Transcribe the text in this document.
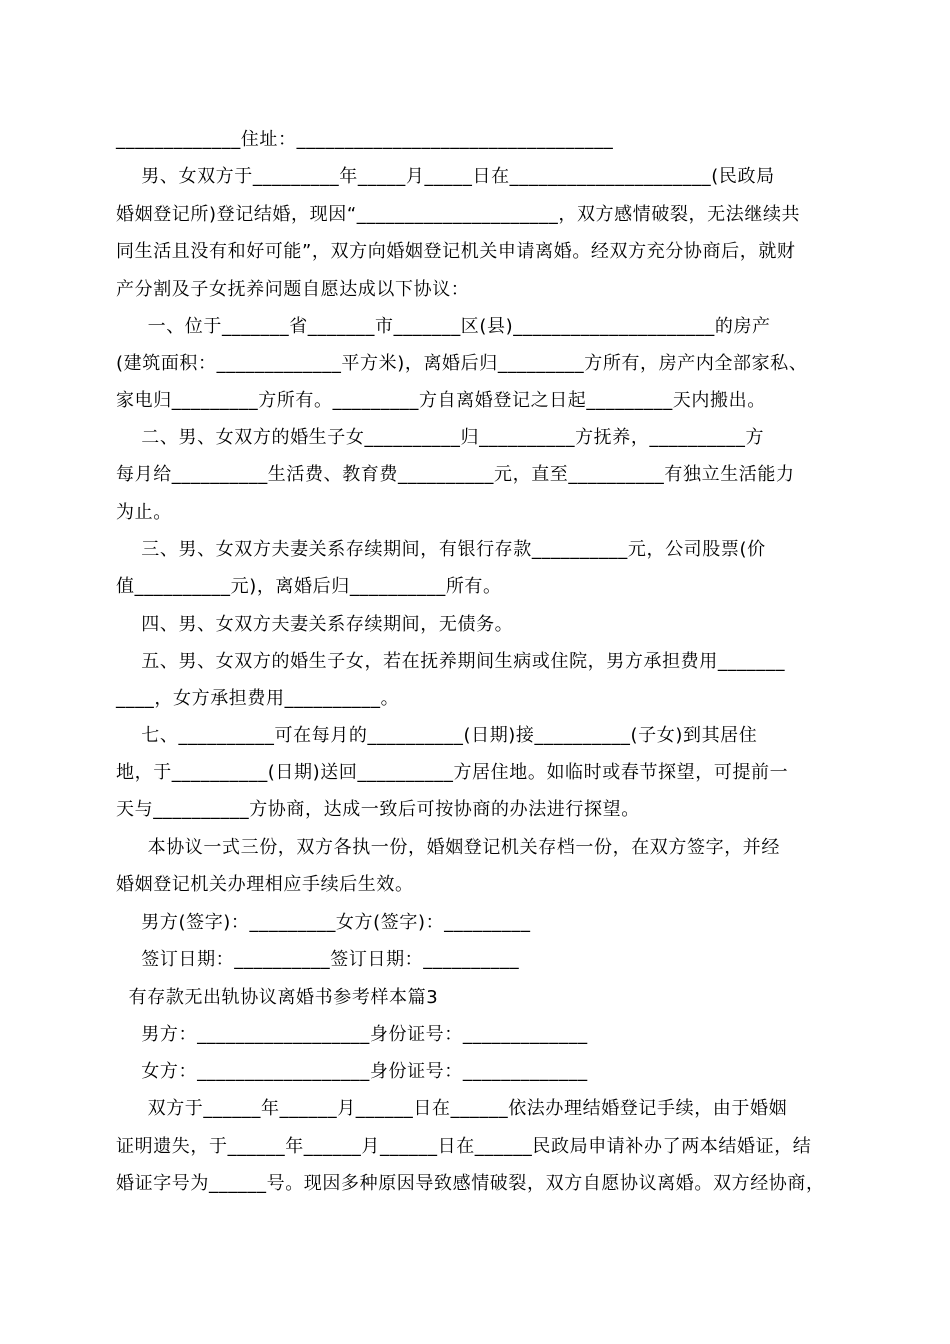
_____________住址：_________________________________
男、女双方于_________年_____月_____日在_____________________(民政局
婚姻登记所)登记结婚，现因“_____________________，双方感情破裂，无法继续共
同生活且没有和好可能”，双方向婚姻登记机关申请离婚。经双方充分协商后，就财
产分割及子女抚养问题自愿达成以下协议：
一、位于_______省_______市_______区(县)_____________________的房产
(建筑面积：_____________平方米)，离婚后归_________方所有，房产内全部家私、
家电归_________方所有。_________方自离婚登记之日起_________天内搬出。
二、男、女双方的婚生子女__________归__________方抚养，__________方
每月给__________生活费、教育费__________元，直至__________有独立生活能力
为止。
三、男、女双方夫妻关系存续期间，有银行存款__________元，公司股票(价
值__________元)，离婚后归__________所有。
四、男、女双方夫妻关系存续期间，无债务。
五、男、女双方的婚生子女，若在抚养期间生病或住院，男方承担费用_______
____，女方承担费用__________。
七、__________可在每月的__________(日期)接__________(子女)到其居住
地，于__________(日期)送回__________方居住地。如临时或春节探望，可提前一
天与__________方协商，达成一致后可按协商的办法进行探望。
本协议一式三份，双方各执一份，婚姻登记机关存档一份，在双方签字，并经
婚姻登记机关办理相应手续后生效。
男方(签字)：_________女方(签字)：_________
签订日期：__________签订日期：__________
有存款无出轨协议离婚书参考样本篇3
男方：__________________身份证号：_____________
女方：__________________身份证号：_____________
双方于______年______月______日在______依法办理结婚登记手续，由于婚姻
证明遗失，于______年______月______日在______民政局申请补办了两本结婚证，结
婚证字号为______号。现因多种原因导致感情破裂，双方自愿协议离婚。双方经协商，
